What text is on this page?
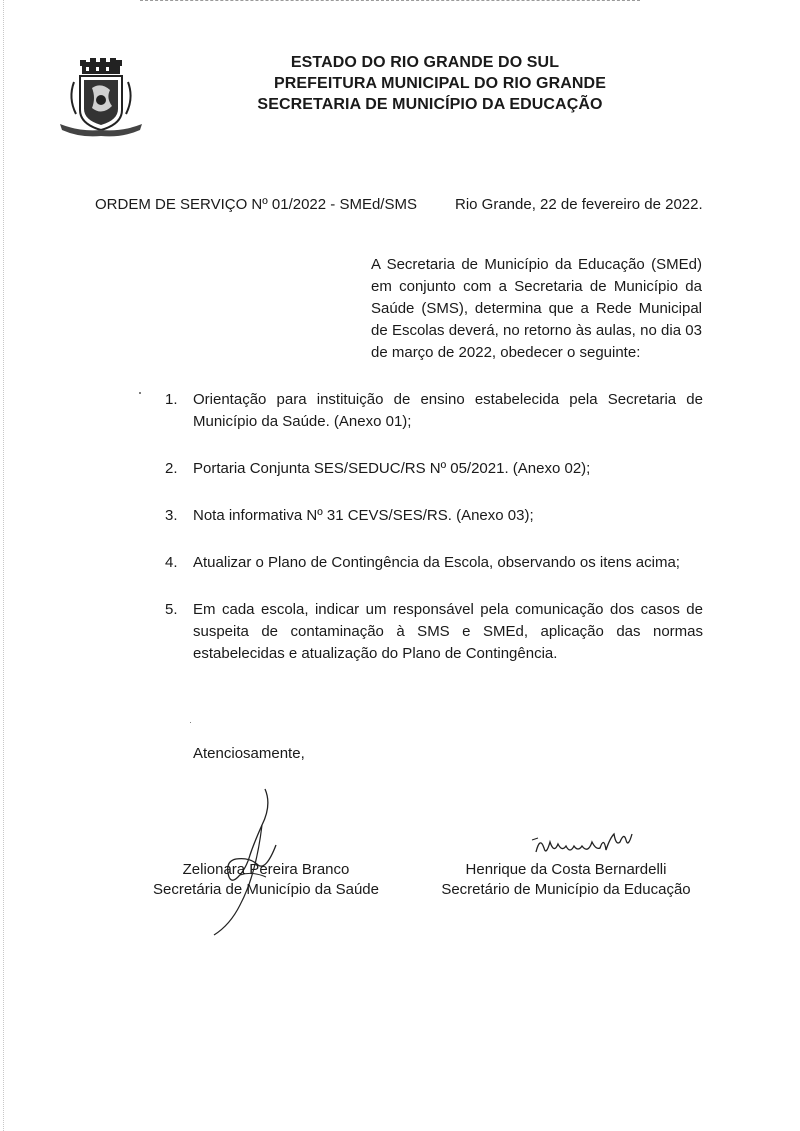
ESTADO DO RIO GRANDE DO SUL
PREFEITURA MUNICIPAL DO RIO GRANDE
SECRETARIA DE MUNICÍPIO DA EDUCAÇÃO
ORDEM DE SERVIÇO Nº 01/2022 - SMEd/SMS	Rio Grande, 22 de fevereiro de 2022.
A Secretaria de Município da Educação (SMEd) em conjunto com a Secretaria de Município da Saúde (SMS), determina que a Rede Municipal de Escolas deverá, no retorno às aulas, no dia 03 de março de 2022, obedecer o seguinte:
1. Orientação para instituição de ensino estabelecida pela Secretaria de Município da Saúde. (Anexo 01);
2. Portaria Conjunta SES/SEDUC/RS Nº 05/2021. (Anexo 02);
3. Nota informativa Nº 31 CEVS/SES/RS. (Anexo 03);
4. Atualizar o Plano de Contingência da Escola, observando os itens acima;
5. Em cada escola, indicar um responsável pela comunicação dos casos de suspeita de contaminação à SMS e SMEd, aplicação das normas estabelecidas e atualização do Plano de Contingência.
Atenciosamente,
Zelionara Pereira Branco
Secretária de Município da Saúde
Henrique da Costa Bernardelli
Secretário de Município da Educação
